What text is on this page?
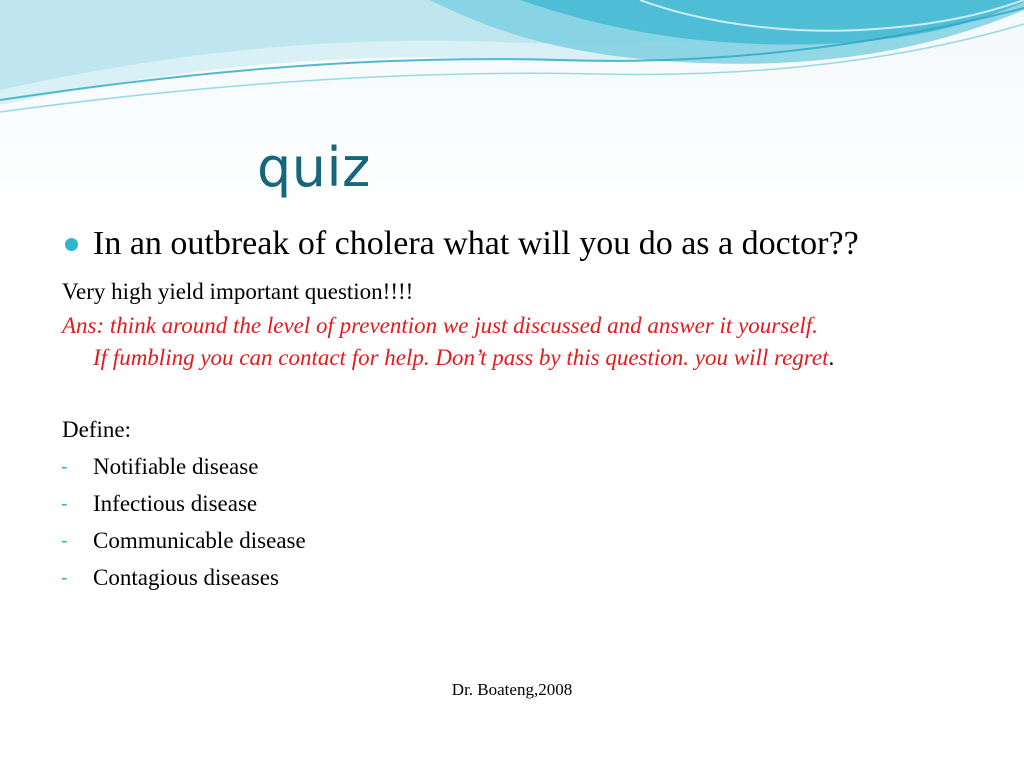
quiz
In an outbreak of cholera what will you do as a doctor??
Very high yield important question!!!!
Ans: think around the level of prevention we just discussed and answer it yourself.
If fumbling you can contact for help. Don’t pass by this question. you will regret.
Define:
- Notifiable disease
- Infectious disease
- Communicable disease
- Contagious diseases
Dr. Boateng,2008
